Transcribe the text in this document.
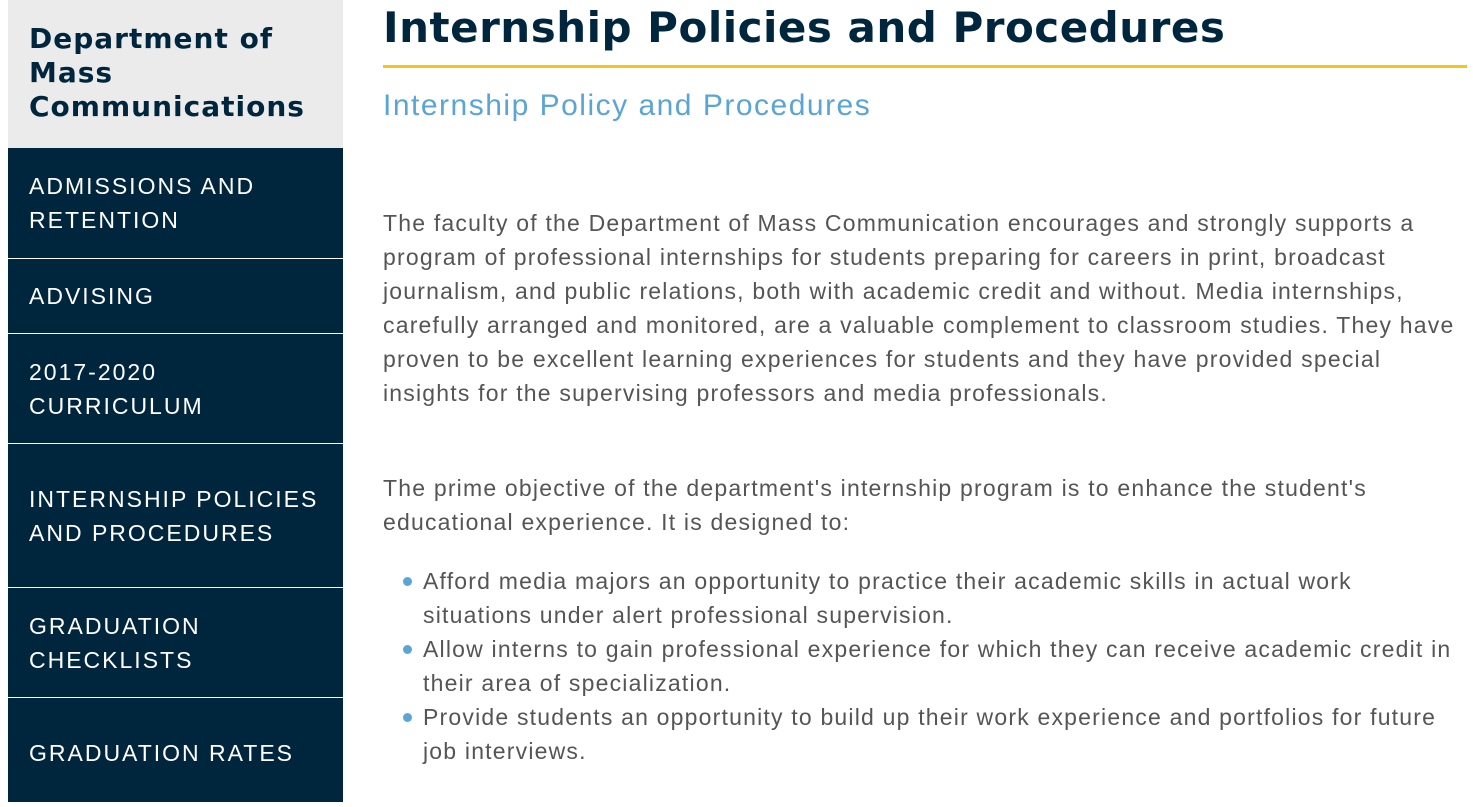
Department of Mass Communications
ADMISSIONS AND RETENTION
ADVISING
2017-2020 CURRICULUM
INTERNSHIP POLICIES AND PROCEDURES
GRADUATION CHECKLISTS
GRADUATION RATES
Internship Policies and Procedures
Internship Policy and Procedures

The faculty of the Department of Mass Communication encourages and strongly supports a program of professional internships for students preparing for careers in print, broadcast journalism, and public relations, both with academic credit and without. Media internships, carefully arranged and monitored, are a valuable complement to classroom studies. They have proven to be excellent learning experiences for students and they have provided special insights for the supervising professors and media professionals.

The prime objective of the department's internship program is to enhance the student's educational experience. It is designed to:

Afford media majors an opportunity to practice their academic skills in actual work situations under alert professional supervision.
Allow interns to gain professional experience for which they can receive academic credit in their area of specialization.
Provide students an opportunity to build up their work experience and portfolios for future job interviews.
